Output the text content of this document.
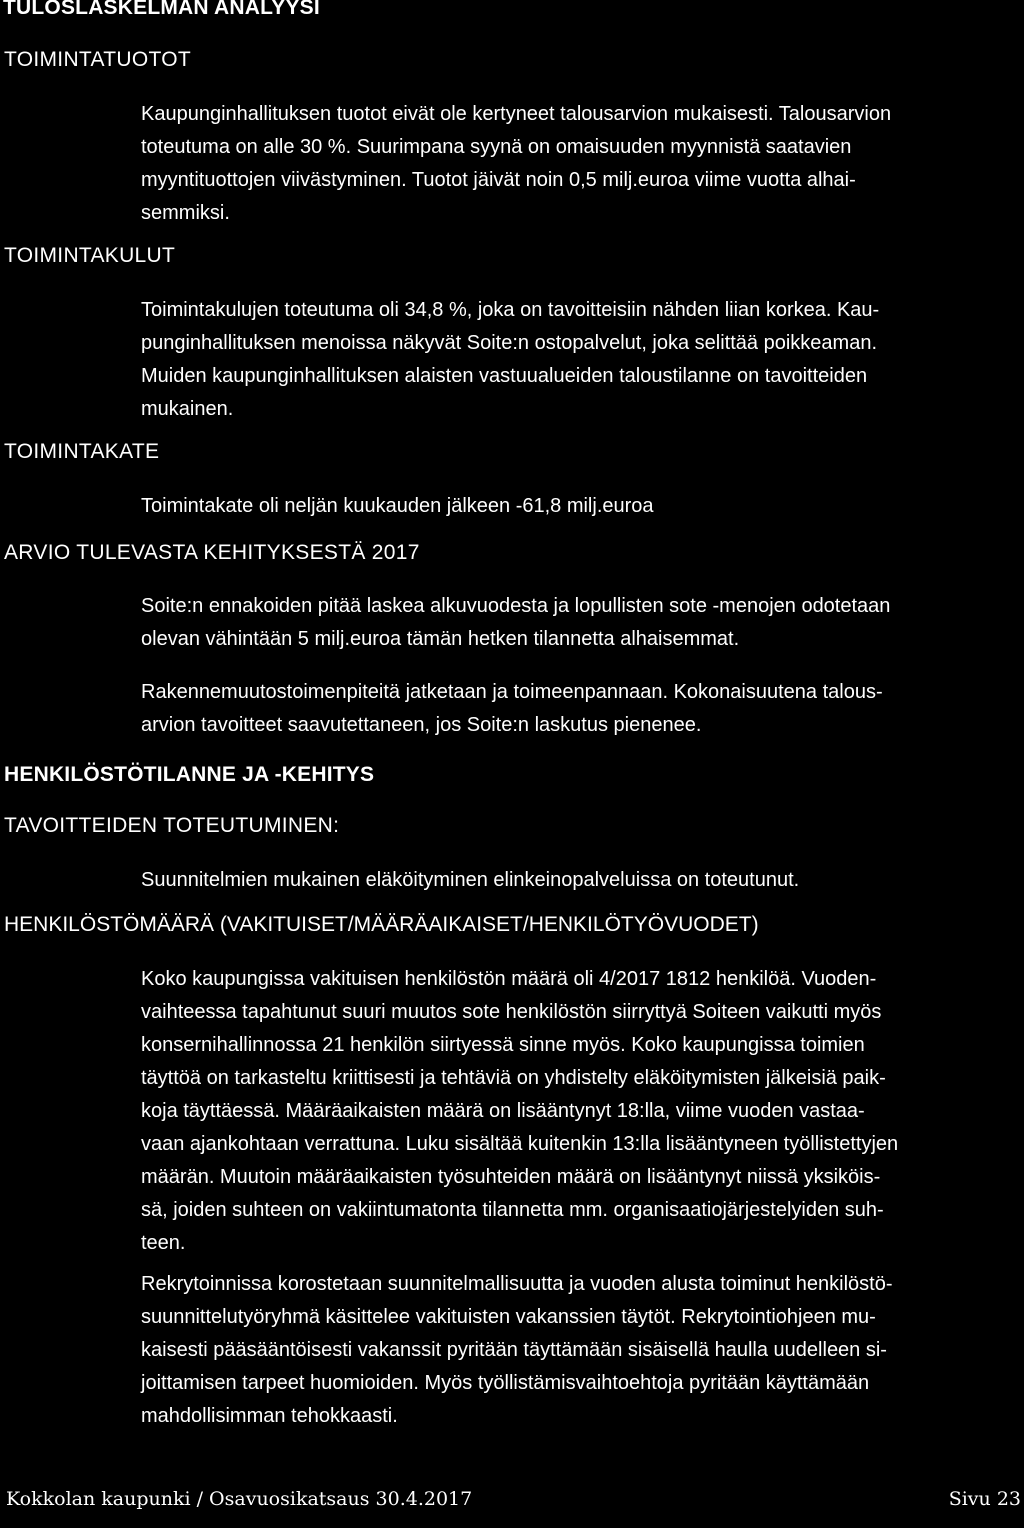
TULOSLASKELMAN ANALYYSI
TOIMINTATUOTOT
Kaupunginhallituksen tuotot eivät ole kertyneet talousarvion mukaisesti. Talousarvion
toteutuma on alle 30 %. Suurimpana syynä on omaisuuden myynnistä saatavien
myyntituottojen viivästyminen. Tuotot jäivät noin 0,5 milj.euroa viime vuotta alhai-
semmiksi.
TOIMINTAKULUT
Toimintakulujen toteutuma oli 34,8 %, joka on tavoitteisiin nähden liian korkea. Kau-
punginhallituksen menoissa näkyvät Soite:n ostopalvelut, joka selittää poikkeaman.
Muiden kaupunginhallituksen alaisten vastuualueiden taloustilanne on tavoitteiden
mukainen.
TOIMINTAKATE
Toimintakate oli neljän kuukauden jälkeen -61,8 milj.euroa
ARVIO TULEVASTA KEHITYKSESTÄ 2017
Soite:n ennakoiden pitää laskea alkuvuodesta ja lopullisten sote -menojen odotetaan
olevan vähintään 5 milj.euroa tämän hetken tilannetta alhaisemmat.
Rakennemuutostoimenpiteitä jatketaan ja toimeenpannaan. Kokonaisuutena talous-
arvion tavoitteet saavutettaneen, jos Soite:n laskutus pienenee.
HENKILÖSTÖTILANNE JA -KEHITYS
TAVOITTEIDEN TOTEUTUMINEN:
Suunnitelmien mukainen eläköityminen elinkeinopalveluissa on toteutunut.
HENKILÖSTÖMÄÄRÄ (VAKITUISET/MÄÄRÄAIKAISET/HENKILÖTYÖVUODET)
Koko kaupungissa vakituisen henkilöstön määrä oli 4/2017 1812 henkilöä. Vuoden-
vaihteessa tapahtunut suuri muutos sote henkilöstön siirryttyä Soiteen vaikutti myös
konsernihallinnossa 21 henkilön siirtyessä sinne myös. Koko kaupungissa toimien
täyttöä on tarkasteltu kriittisesti ja tehtäviä on yhdistelty eläköitymisten jälkeisiä paik-
koja täyttäessä. Määräaikaisten määrä on lisääntynyt 18:lla, viime vuoden vastaa-
vaan ajankohtaan verrattuna. Luku sisältää kuitenkin 13:lla lisääntyneen työllistettyjen
määrän. Muutoin määräaikaisten työsuhteiden määrä on lisääntynyt niissä yksiköis-
sä, joiden suhteen on vakiintumatonta tilannetta mm. organisaatiojärjestelyiden suh-
teen.
Rekrytoinnissa korostetaan suunnitelmallisuutta ja vuoden alusta toiminut henkilöstö-
suunnittelutyöryhmä käsittelee vakituisten vakanssien täytöt. Rekrytointiohjeen mu-
kaisesti pääsääntöisesti vakanssit pyritään täyttämään sisäisellä haulla uudelleen si-
joittamisen tarpeet huomioiden. Myös työllistämisvaihtoehtoja pyritään käyttämään
mahdollisimman tehokkaasti.
Kokkolan kaupunki / Osavuosikatsaus 30.4.2017	Sivu 23
